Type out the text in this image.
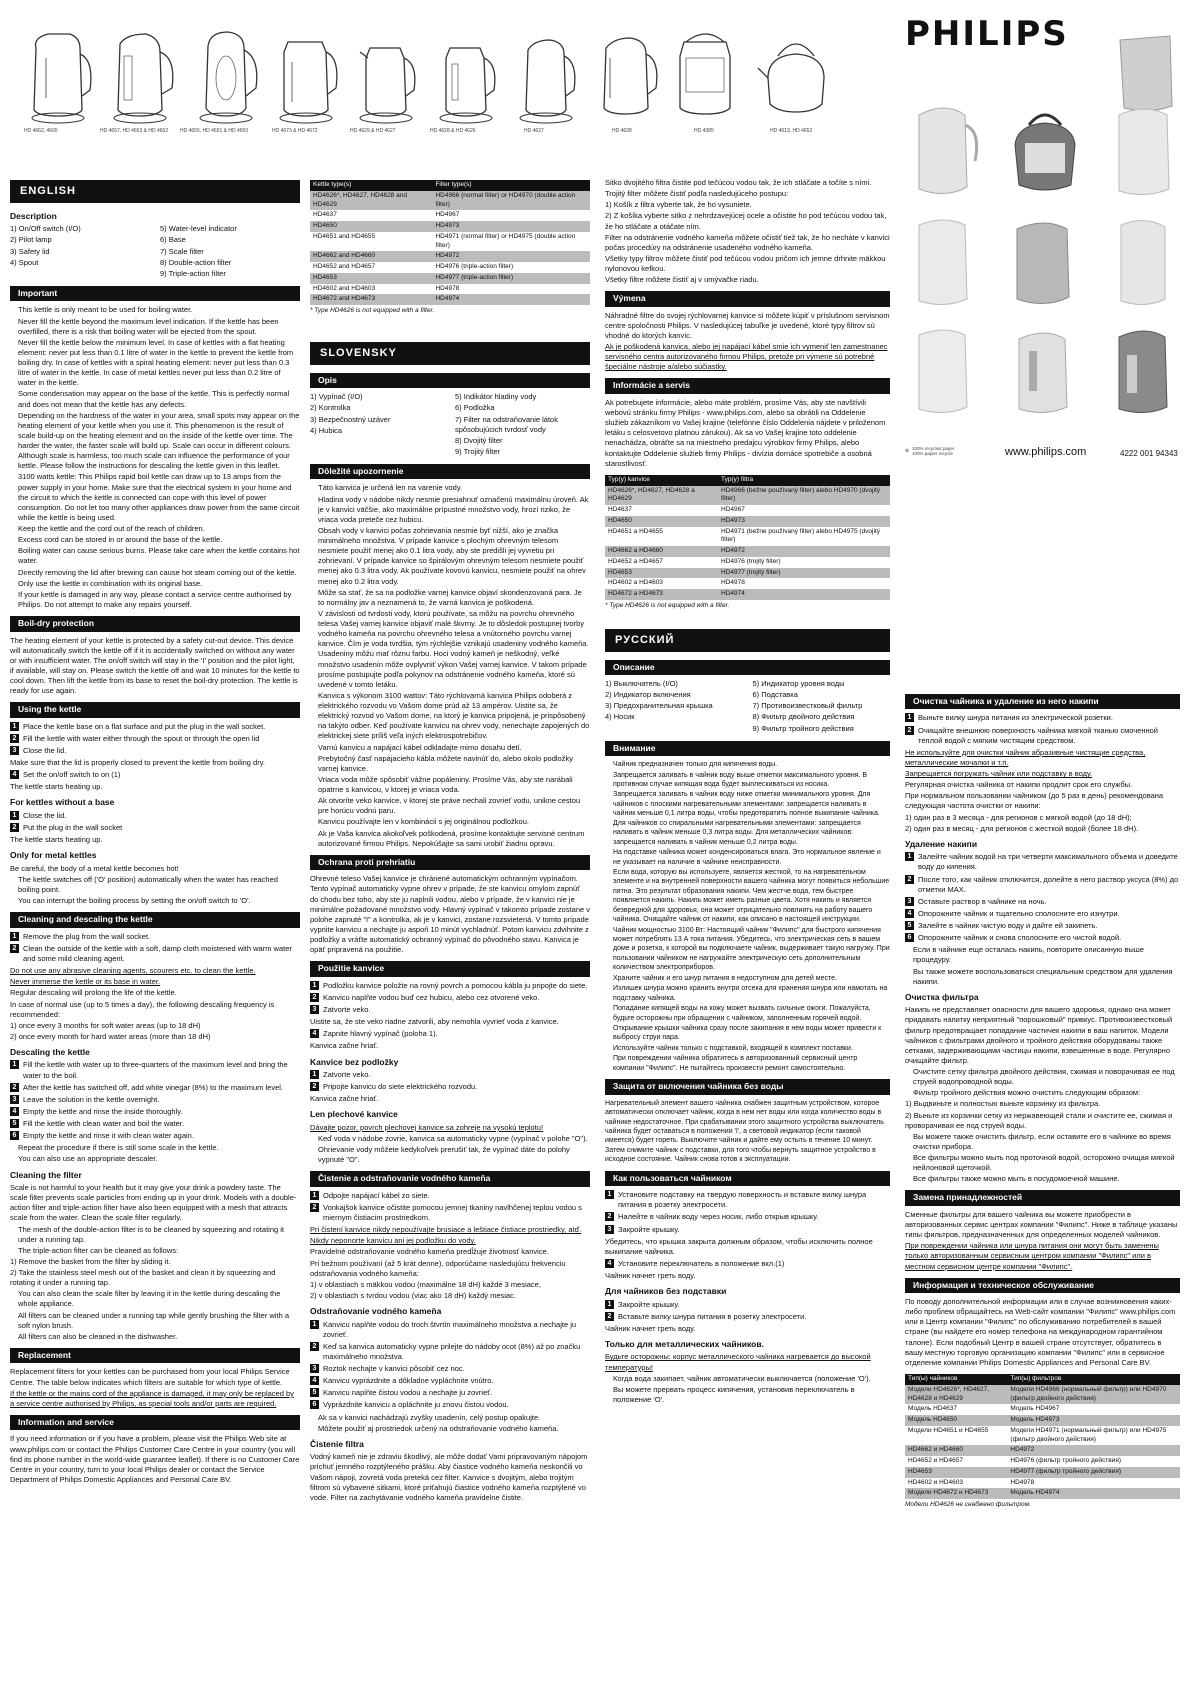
HD 4662, 4665	HD 4657, HD 4653 & HD 4652 HD 4655, HD 4651 & HD 4650	HD 4673 & HD 4672	HD 4629 & HD 4627	HD 4628 & HD 4626	HD 4637	HD 4638	HD 4385	HD 4613, HD 4652
PHILIPS
♻ 100% recycled paper
100% papier recyclé	www.philips.com	4222 001 94343
ENGLISH
Description

1) On/Off switch (I/O)

2) Pilot lamp

3) Safety lid

4) Spout

5) Water-level indicator

6) Base

7) Scale filter

8) Double-action filter

9) Triple-action filter

Important

This kettle is only meant to be used for boiling water.

Never fill the kettle beyond the maximum level indication. If the kettle has been overfilled, there is a risk that boiling water will be ejected from the spout.

Never fill the kettle below the minimum level. In case of kettles with a flat heating element: never put less than 0.1 litre of water in the kettle to prevent the kettle from boiling dry. In case of kettles with a spiral heating element: never put less than 0.3 litre of water in the kettle. In case of metal kettles never put less than 0.2 litre of water in the kettle.

Some condensation may appear on the base of the kettle. This is perfectly normal and does not mean that the kettle has any defects.

Depending on the hardness of the water in your area, small spots may appear on the heating element of your kettle when you use it. This phenomenon is the result of scale build-up on the heating element and on the inside of the kettle over time. The harder the water, the faster scale will build up. Scale can occur in different colours. Although scale is harmless, too much scale can influence the performance of your kettle. Please follow the instructions for descaling the kettle given in this leaflet.

3100 watts kettle: This Philips rapid boil kettle can draw up to 13 amps from the power supply in your home. Make sure that the electrical system in your home and the circuit to which the kettle is connected can cope with this level of power consumption. Do not let too many other appliances draw power from the same circuit while the kettle is being used.

Keep the kettle and the cord out of the reach of children.

Excess cord can be stored in or around the base of the kettle.

Boiling water can cause serious burns. Please take care when the kettle contains hot water.

Directly removing the lid after brewing can cause hot steam coming out of the kettle.

Only use the kettle in combination with its original base.

If your kettle is damaged in any way, please contact a service centre authorised by Philips. Do not attempt to make any repairs yourself.

Boil-dry protection

The heating element of your kettle is protected by a safety cut-out device. This device will automatically switch the kettle off if it is accidentally switched on without any water or with insufficient water. The on/off switch will stay in the 'I' position and the pilot light, if available, will stay on. Please switch the kettle off and wait 10 minutes for the kettle to cool down. Then lift the kettle from its base to reset the boil-dry protection. The kettle is ready for use again.

Using the kettle
1 Place the kettle base on a flat surface and put the plug in the wall socket.
2 Fill the kettle with water either through the spout or through the open lid
3 Close the lid.

Make sure that the lid is properly closed to prevent the kettle from boiling dry.

4 Set the on/off switch to on (1)

The kettle starts heating up.

For kettles without a base
1 Close the lid.
2 Put the plug in the wall socket

The kettle starts heating up.

Only for metal kettles

Be careful, the body of a metal kettle becomes hot!

The kettle switches off ('O' position) automatically when the water has reached boiling point.

You can interrupt the boiling process by setting the on/off switch to 'O'.

Cleaning and descaling the kettle
1 Remove the plug from the wall socket.
2 Clean the outside of the kettle with a soft, damp cloth moistened with warm water and some mild cleaning agent.

Do not use any abrasive cleaning agents, scourers etc. to clean the kettle.

Never immerse the kettle or its base in water.

Regular descaling will prolong the life of the kettle.

In case of normal use (up to 5 times a day), the following descaling frequency is recommended:

1) once every 3 months for soft water areas (up to 18 dH)

2) once every month for hard water areas (more than 18 dH)

Descaling the kettle
1 Fill the kettle with water up to three-quarters of the maximum level and bring the water to the boil.
2 After the kettle has switched off, add white vinegar (8%) to the maximum level.
3 Leave the solution in the kettle overnight.
4 Empty the kettle and rinse the inside thoroughly.
5 Fill the kettle with clean water and boil the water.
6 Empty the kettle and rinse it with clean water again.

Repeat the procedure if there is still some scale in the kettle.

You can also use an appropriate descaler.

Cleaning the filter

Scale is not harmful to your health but it may give your drink a powdery taste. The scale filter prevents scale particles from ending up in your drink. Models with a double-action filter and triple-action filter have also been equipped with a mesh that attracts scale from the water. Clean the scale filter regularly.

The mesh of the double-action filter is to be cleaned by squeezing and rotating it under a running tap.

The triple-action filter can be cleaned as follows:

1) Remove the basket from the filter by sliding it.

2) Take the stainless steel mesh out of the basket and clean it by squeezing and rotating it under a running tap.

You can also clean the scale filter by leaving it in the kettle during descaling the whole appliance.

All filters can be cleaned under a running tap while gently brushing the filter with a soft nylon brush.

All filters can also be cleaned in the dishwasher.

Replacement

Replacement filters for your kettles can be purchased from your local Philips Service Centre. The table below indicates which filters are suitable for which type of kettle.

If the kettle or the mains cord of the appliance is damaged, it may only be replaced by a service centre authorised by Philips, as special tools and/or parts are required.

Information and service

If you need information or if you have a problem, please visit the Philips Web site at www.philips.com or contact the Philips Customer Care Centre in your country (you will find its phone number in the world-wide guarantee leaflet). If there is no Customer Care Centre in your country, turn to your local Philips dealer or contact the Service Department of Philips Domestic Appliances and Personal Care BV.

Kettle type(s)	Filter type(s)
HD4626*, HD4627, HD4628 and HD4629	HD4966 (normal filter) or HD4970 (double action filter)
HD4637	HD4967
HD4650	HD4973
HD4651 and HD4655	HD4971 (normal filter) or HD4975 (double action filter)
HD4662 and HD4660	HD4972
HD4652 and HD4657	HD4976 (triple-action filter)
HD4653	HD4977 (triple-action filter)
HD4602 and HD4603	HD4978
HD4672 and HD4673	HD4974

* Type HD4626 is not equipped with a filter.

SLOVENSKY
Opis

1) Vypínač (I/O)

2) Kontrolka

3) Bezpečnostný uzáver

4) Hubica

5) Indikátor hladiny vody

6) Podložka

7) Filter na odstraňovanie látok spôsobujúcich tvrdosť vody

8) Dvojitý filter

9) Trojitý filter

Dôležité upozornenie

Táto kanvica je určená len na varenie vody.

Hladina vody v nádobe nikdy nesmie presiahnuť označenú maximálnu úroveň. Ak je v kanvici väčšie, ako maximálne prípustné množstvo vody, hrozí riziko, že vriaca voda preteče cez hubicu.

Obsah vody v kanvici počas zohrievania nesmie byť nižší, ako je značka minimálneho množstva. V prípade kanvice s plochým ohrevným telesom nesmiete použiť menej ako 0.1 litra vody, aby ste predišli jej vyvretiu pri zohrievaní. V prípade kanvice so špirálovým ohrevným telesom nesmiete použiť menej ako 0.3 litra vody. Ak používate kovovú kanvicu, nesmiete použiť na ohrev menej ako 0.2 litra vody.

Môže sa stať, že sa na podložke varnej kanvice objaví skondenzovaná para. Je to normálny jav a neznamená to, že varná kanvica je poškodená.

V závislosti od tvrdosti vody, ktorú používate, sa môžu na povrchu ohrevného telesa Vašej varnej kanvice objaviť malé škvrny. Je to dôsledok postupnej tvorby vodného kameňa na povrchu ohrevného telesa a vnútorného povrchu varnej kanvice. Čím je voda tvrdšia, tým rýchlejšie vznikajú usadeniny vodného kameňa. Usadeniny môžu mať rôznu farbu. Hoci vodný kameň je neškodný, veľké množstvo usadenín môže ovplyvniť výkon Vašej varnej kanvice. V takom prípade prosíme postupujte podľa pokynov na odstránenie vodného kameňa, ktoré sú uvedené v tomto letáku.

Kanvica s výkonom 3100 wattov: Táto rýchlovarná kanvica Philips odoberá z elektrického rozvodu vo Vašom dome prúd až 13 ampérov. Uistite sa, že elektrický rozvod vo Vašom dome, na ktorý je kanvica pripojená, je prispôsobený na takýto odber. Keď používate kanvicu na ohrev vody, nenechajte zapojených do elektrickej siete príliš veľa iných elektrospotrebičov.

Varnú kanvicu a napájací kábel odkladajte mimo dosahu detí.

Prebytočný časť napájacieho kábla môžete navinúť do, alebo okolo podložky varnej kanvice.

Vriaca voda môže spôsobiť vážne popáleniny. Prosíme Vás, aby ste narábali opatrne s kanvicou, v ktorej je vriaca voda.

Ak otvoríte veko kanvice, v ktorej ste práve nechali zovrieť vodu, unikne cestou pre horúcu vodnú paru.

Kanvicu používajte len v kombinácii s jej originálnou podložkou.

Ak je Vaša kanvica akokoľvek poškodená, prosíme kontaktujte servisné centrum autorizované firmou Philips. Nepokúšajte sa sami urobiť žiadnu opravu.

Ochrana proti prehriatiu

Ohrevné teleso Vašej kanvice je chránené automatickým ochranným vypínačom. Tento vypínač automaticky vypne ohrev v prípade, že ste kanvicu omylom zapnúť do chodu bez toho, aby ste ju naplnili vodou, alebo v prípade, že v kanvici nie je minimálne požadované množstvo vody. Hlavný vypínač v takomto prípade zostane v polohe zapnuté "I" a kontrolka, ak je v kanvici, zostane rozsvietená. V tomto prípade vypnite kanvicu a nechajte ju aspoň 10 minút vychladnúť. Potom kanvicu zdvihnite z podložky a vráťte automatický ochranný vypínač do pôvodného stavu. Kanvica je opäť pripravená na použitie.

Použitie kanvice
1 Podložku kanvice položte na rovný povrch a pomocou kábla ju pripojte do siete.
2 Kanvicu naplňte vodou buď cez hubicu, alebo cez otvorené veko.
3 Zatvorte veko.

Uistite sa, že ste veko riadne zatvorili, aby nemohla vyvrieť voda z kanvice.

4 Zapnite hlavný vypínač (poloha 1).

Kanvica začne hriať.

Kanvice bez podložky
1 Zatvorte veko.
2 Pripojte kanvicu do siete elektrického rozvodu.

Kanvica začne hriať.

Len plechové kanvice

Dávajte pozor, povrch plechovej kanvice sa zohreje na vysokú teplotu!

Keď voda v nádobe zovrie, kanvica sa automaticky vypne (vypínač v polohe "O").

Ohrievanie vody môžete kedykoľvek prerušiť tak, že vypínač dáte do polohy vypnuté "O".

Čistenie a odstraňovanie vodného kameňa
1 Odpojte napájací kábel zo siete.
2 Vonkajšok kanvice očistite pomocou jemnej tkaniny navlhčenej teplou vodou s miernym čistiacim prostriedkom.

Pri čistení kanvice nikdy nepoužívajte brusiace a leštiace čistiace prostriedky, atď.

Nikdy neponorte kanvicu ani jej podložku do vody.

Pravidelné odstraňovanie vodného kameňa predĺžuje životnosť kanvice.

Pri bežnom používaní (až 5 krát denne), odporúčame nasledujúcu frekvenciu odstraňovania vodného kameňa:

1) v oblastiach s mäkkou vodou (maximálne 18 dH) každé 3 mesiace,

2) v oblastiach s tvrdou vodou (viac ako 18 dH) každý mesiac.

Odstraňovanie vodného kameňa
1 Kanvicu naplňte vodou do troch štvrtín maximálneho množstva a nechajte ju zovrieť.
2 Keď sa kanvica automaticky vypne prilejte do nádoby ocot (8%) až po značku maximálneho množstva.
3 Roztok nechajte v kanvici pôsobiť cez noc.
4 Kanvicu vyprázdnite a dôkladne vypláchnite vnútro.
5 Kanvicu naplňte čistou vodou a nechajte ju zovrieť.
6 Vyprázdnite kanvicu a opláchnite ju znovu čistou vodou.

Ak sa v kanvici nachádzajú zvyšky usadenín, celý postup opakujte.

Môžete použiť aj prostriedok určený na odstraňovanie vodného kameňa.

Čistenie filtra

Vodný kameň nie je zdraviu škodlivý, ale môže dodať Vami pripravovaným nápojom príchuť jemného rozptýleného prášku. Aby čiastice vodného kameňa neskončili vo Vašom nápoji, zovretá voda preteká cez filter. Kanvice s dvojitým, alebo trojitým filtrom sú vybavené sitkami, ktoré priťahujú čiastice vodného kameňa rozptýlené vo vode. Filter na zachytávanie vodného kameňa pravidelne čistite.

Sitko dvojitého filtra čistite pod tečúcou vodou tak, že ich stláčate a točíte s ními.

Trojitý filter môžete čistiť podľa nasledujúceho postupu:

1) Košík z filtra vyberte tak, že ho vysuniete.

2) Z košíka vyberte sitko z nehrdzavejúcej ocele a očistite ho pod tečúcou vodou tak, že ho stláčate a otáčate ním.

Filter na odstránenie vodného kameňa môžete očistiť tiež tak, že ho necháte v kanvici počas procedúry na odstránenie usadeného vodného kameňa.

Všetky typy filtrov môžete čistiť pod tečúcou vodou pričom ich jemne drhnite mäkkou nylonovou kefkou.

Všetky filtre môžete čistiť aj v umývačke riadu.

Výmena

Náhradné filtre do svojej rýchlovarnej kanvice si môžete kúpiť v príslušnom servisnom centre spoločnosti Philips. V nasledujúcej tabuľke je uvedené, ktoré typy filtrov sú vhodné do ktorých kanvíc.

Ak je poškodená kanvica, alebo jej napájací kábel smie ich vymeniť len zamestnanec servisného centra autorizovaného firmou Philips, pretože pri výmene sú potrebné špeciálne nástroje a/alebo súčiastky.

Informácie a servis

Ak potrebujete informácie, alebo máte problém, prosíme Vás, aby ste navštívili webovú stránku firmy Philips - www.philips.com, alebo sa obrátili na Oddelenie služieb zákazníkom vo Vašej krajine (telefónne číslo Oddelenia nájdete v priloženom letáku s celosvetovo platnou zárukou). Ak sa vo Vašej krajine toto oddelenie nenachádza, obráťte sa na miestneho predajcu výrobkov firmy Philips, alebo kontaktujte Oddelenie služieb firmy Philips - divízia domáce spotrebiče a osobná starostlivosť.

Typ(y) kanvice	Typ(y) filtra
HD4626*, HD4627, HD4628 a HD4629	HD4966 (bežne používaný filter) alebo HD4970 (dvojitý filter)
HD4637	HD4967
HD4650	HD4973
HD4651 a HD4655	HD4971 (bežne používaný filter) alebo HD4975 (dvojitý filter)
HD4662 a HD4660	HD4972
HD4652 a HD4657	HD4976 (trojitý filter)
HD4653	HD4977 (trojitý filter)
HD4602 a HD4603	HD4978
HD4672 a HD4673	HD4974

* Type HD4626 is not equipped with a filter.

РУССКИЙ
Описание

1) Выключатель (I/O)

2) Индикатор включения

3) Предохранительная крышка

4) Носик

5) Индикатор уровня воды

6) Подставка

7) Противоизвестковый фильтр

8) Фильтр двойного действия

9) Фильтр тройного действия

Внимание

Чайник предназначен только для кипячения воды.

Запрещается заливать в чайник воду выше отметки максимального уровня. В противном случае кипящая вода будет выплескиваться из носика.

Запрещается заливать в чайник воду ниже отметки минимального уровня. Для чайников с плоскими нагревательными элементами: запрещается наливать в чайник меньше 0,1 литра воды, чтобы предотвратить полное выкипание чайника. Для чайников со спиральными нагревательными элементами: запрещается наливать в чайник меньше 0,3 литра воды. Для металлических чайников: запрещается наливать в чайник меньше 0,2 литра воды.

На подставке чайника может конденсироваться влага. Это нормальное явление и не указывает на наличие в чайнике неисправности.

Если вода, которую вы используете, является жесткой, то на нагревательном элементе и на внутренней поверхности вашего чайника могут появиться небольшие пятна. Это результат образования накипи. Чем жестче вода, тем быстрее появляется накипь. Накипь может иметь разные цвета. Хотя накипь и является безвредной для здоровья, она может отрицательно повлиять на работу вашего чайника. Очищайте чайник от накипи, как описано в настоящей инструкции.

Чайник мощностью 3100 Вт: Настоящий чайник "Филипс" для быстрого кипячения может потреблять 13 А тока питания. Убедитесь, что электрическая сеть в вашем доме и розетка, к которой вы подключаете чайник, выдерживает такую нагрузку. При пользовании чайником не нагружайте электрическую сеть дополнительным количеством электроприборов.

Храните чайник и его шнур питания в недоступном для детей месте.

Излишек шнура можно хранить внутри отсека для хранения шнура или намотать на подставку чайника.

Попадание кипящей воды на кожу может вызвать сильные ожоги. Пожалуйста, будьте осторожны при обращении с чайником, заполненным горячей водой.

Открывание крышки чайника сразу после закипания в нем воды может привести к выбросу струи пара.

Используйте чайник только с подставкой, входящей в комплект поставки.

При повреждении чайника обратитесь в авторизованный сервисный центр компании "Филипс". Не пытайтесь произвести ремонт самостоятельно.

Защита от включения чайника без воды

Нагревательный элемент вашего чайника снабжен защитным устройством, которое автоматически отключает чайник, когда в нем нет воды или когда количество воды в чайнике недостаточное. При срабатывании этого защитного устройства выключатель чайника будет оставаться в положении 'I', а световой индикатор (если таковой имеется) будет гореть. Выключите чайник и дайте ему остыть в течение 10 минут. Затем снимите чайник с подставки, для того чтобы вернуть защитное устройство в исходное состояние. Чайник снова готов к эксплуатации.

Как пользоваться чайником
1 Установите подставку на твердую поверхность и вставьте вилку шнура питания в розетку электросети.
2 Налейте в чайник воду через носик, либо открыв крышку.
3 Закройте крышку.

Убедитесь, что крышка закрыта должным образом, чтобы исключить полное выкипание чайника.

4 Установите переключатель в положение вкл.(1)

Чайник начнет греть воду.

Для чайников без подставки
1 Закройте крышку.
2 Вставьте вилку шнура питания в розетку электросети.

Чайник начнет греть воду.

Только для металлических чайников.

Будьте осторожны: корпус металлического чайника нагревается до высокой температуры!

Когда вода закипает, чайник автоматически выключается (положение 'O').

Вы можете прервать процесс кипячения, установив переключатель в положение 'O'.

Очистка чайника и удаление из него накипи
1 Выньте вилку шнура питания из электрической розетки.
2 Очищайте внешнюю поверхность чайника мягкой тканью смоченной теплой водой с мягким чистящим средством.

Не используйте для очистки чайник абразивные чистящие средства, металлические мочалки и т.п.

Запрещается погружать чайник или подставку в воду.

Регулярная очистка чайника от накипи продлит срок его службы.

При нормальном пользовании чайником (до 5 раз в день) рекомендована следующая частота очистки от накипи:

1) один раз в 3 месяца - для регионов с мягкой водой (до 18 dH);

2) один раз в месяц - для регионов с жесткой водой (более 18 dH).

Удаление накипи
1 Залейте чайник водой на три четверти максимального объема и доведите воду до кипения.
2 После того, как чайник отключится, долейте в него раствор уксуса (8%) до отметки MAX.
3 Оставьте раствор в чайнике на ночь.
4 Опорожните чайник и тщательно сполосните его изнутри.
5 Залейте в чайник чистую воду и дайте ей закипеть.
6 Опорожните чайник и снова сполосните его чистой водой.

Если в чайнике еще осталась накипь, повторите описанную выше процедуру.

Вы также можете воспользоваться специальным средством для удаления накипи.

Очистка фильтра

Накипь не представляет опасности для вашего здоровья, однако она может придавать напитку неприятный "порошковый" привкус. Противоизвестковый фильтр предотвращает попадание частичек накипи в ваш напиток. Модели чайников с фильтрами двойного и тройного действия оборудованы также сетками, задерживающими частицы накипи, взвешенные в воде. Регулярно очищайте фильтр.

Очистите сетку фильтра двойного действия, сжимая и поворачивая ее под струей водопроводной воды.

Фильтр тройного действия можно очистить следующим образом:

1) Выдвиньте и полностью выньте корзинку из фильтра.

2) Выньте из корзинки сетку из нержавеющей стали и очистите ее, сжимая и проворачивая ее под струей воды.

Вы можете также очистить фильтр, если оставите его в чайнике во время очистки прибора.

Все фильтры можно мыть под проточной водой, осторожно очищая мягкой нейлоновой щеточкой.

Все фильтры также можно мыть в посудомоечной машине.

Замена принадлежностей

Сменные фильтры для вашего чайника вы можете приобрести в авторизованных сервис центрах компании "Филипс". Ниже в таблице указаны типы фильтров, предназначенных для определенных моделей чайников.

При повреждении чайника или шнура питания они могут быть заменены только авторизованным сервисным центром компании "Филипс" или в местном сервисном центре компании "Филипс".

Информация и техническое обслуживание

По поводу дополнительной информации или в случае возникновения каких-либо проблем обращайтесь на Web-сайт компании "Филипс" www.philips.com или в Центр компании "Филипс" по обслуживанию потребителей в вашей стране (вы найдете его номер телефона на международном гарантийном талоне). Если подобный Центр в вашей стране отсутствует, обратитесь в вашу местную торговую организацию компании "Филипс" или в сервисное отделение компании Philips Domestic Appliances and Personal Care BV.

Тип(ы) чайников	Тип(ы) фильтров
Модели HD4626*, HD4627, HD4628 и HD4629	Модели HD4966 (нормальный фильтр) или HD4970 (фильтр двойного действия)
Модель HD4637	Модель HD4967
Модель HD4650	Модель HD4973
Модели HD4651 и HD4655	Модели HD4971 (нормальный фильтр) или HD4975 (фильтр двойного действия)
HD4662 и HD4660	HD4972
HD4652 и HD4657	HD4976 (фильтр тройного действия)
HD4653	HD4977 (фильтр тройного действия)
HD4602 и HD4603	HD4978
Модели HD4672 и HD4673	Модель HD4974

Модели HD4626 не снабжено фильтром.
